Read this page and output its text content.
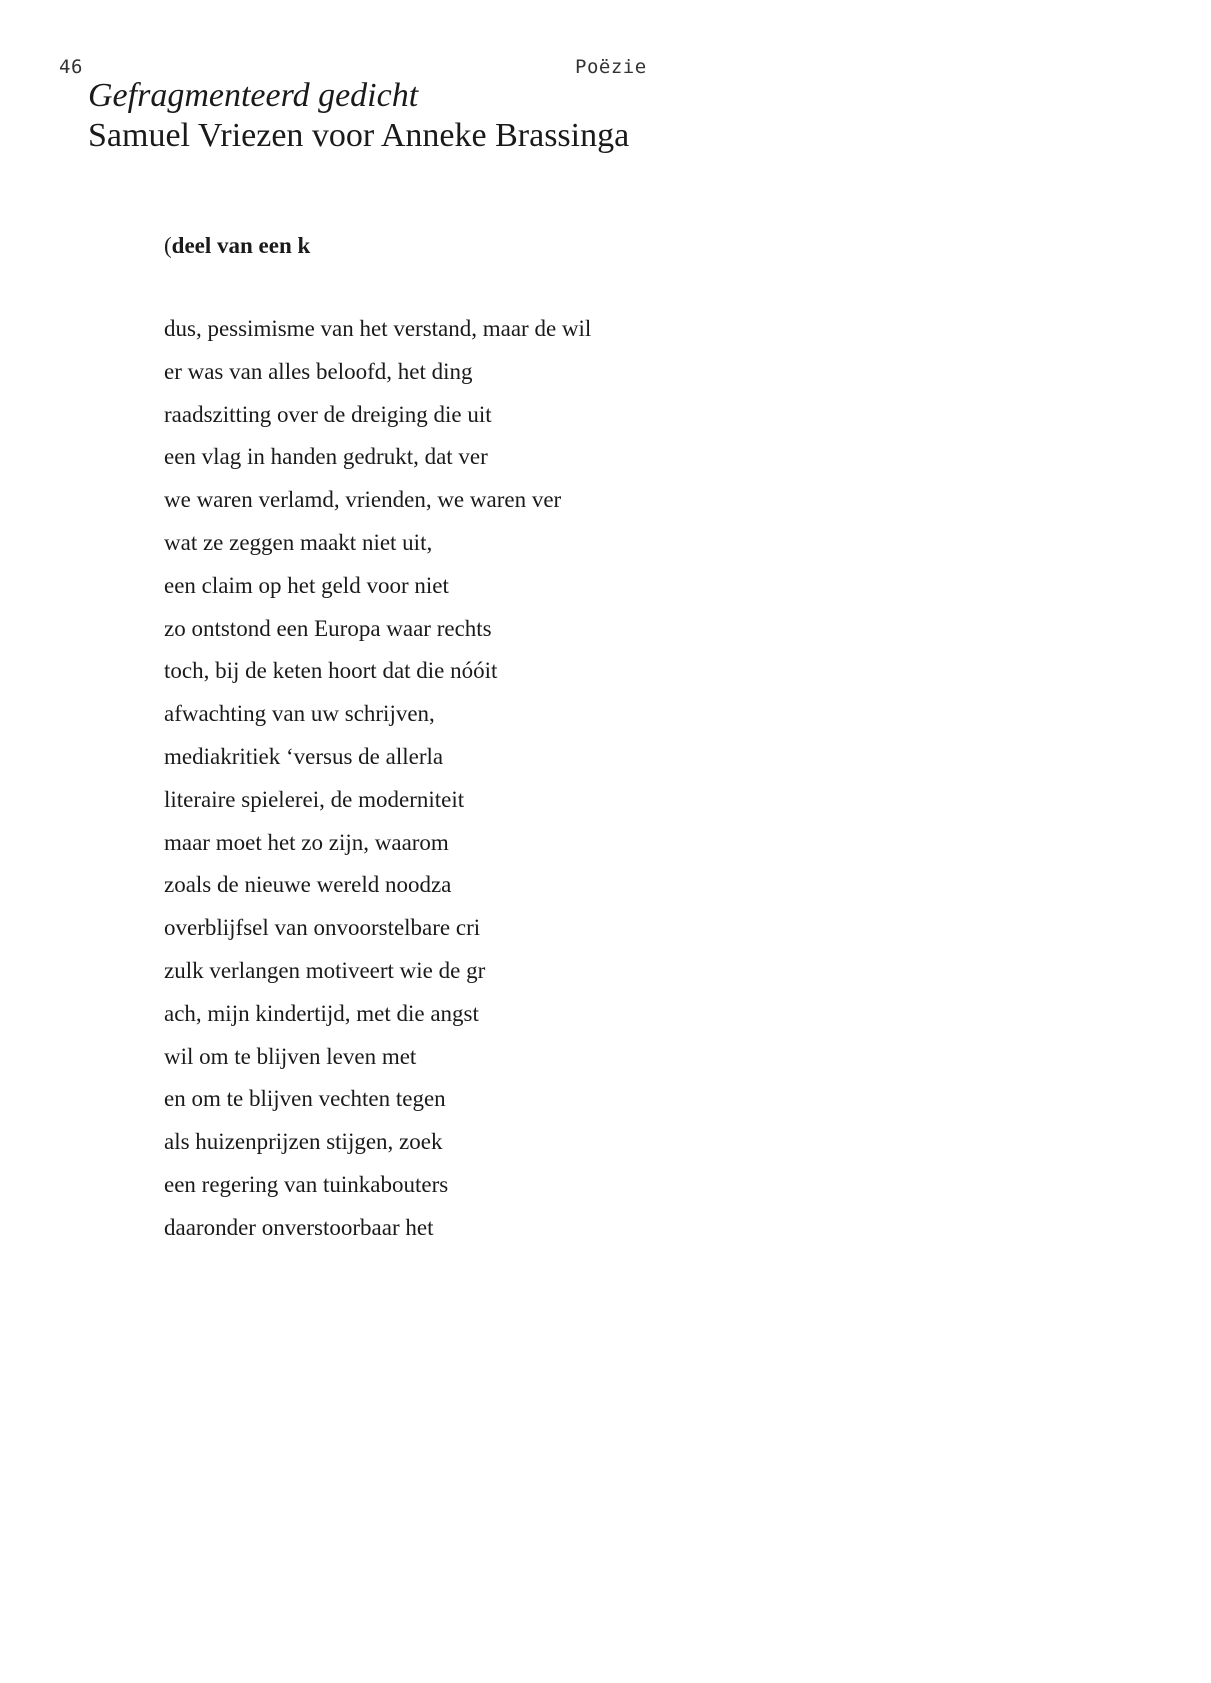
46	Poëzie
Gefragmenteerd gedicht
Samuel Vriezen voor Anneke Brassinga

(deel van een k

dus, pessimisme van het verstand, maar de wil
er was van alles beloofd, het ding
raadszitting over de dreiging die uit
een vlag in handen gedrukt, dat ver
we waren verlamd, vrienden, we waren ver
wat ze zeggen maakt niet uit,
een claim op het geld voor niet
zo ontstond een Europa waar rechts
toch, bij de keten hoort dat die nóóit
afwachting van uw schrijven,
mediakritiek ‘versus de allerla
literaire spielerei, de moderniteit
maar moet het zo zijn, waarom
zoals de nieuwe wereld noodza
overblijfsel van onvoorstelbare cri
zulk verlangen motiveert wie de gr
ach, mijn kindertijd, met die angst
wil om te blijven leven met
en om te blijven vechten tegen
als huizenprijzen stijgen, zoek
een regering van tuinkabouters
daaronder onverstoorbaar het
